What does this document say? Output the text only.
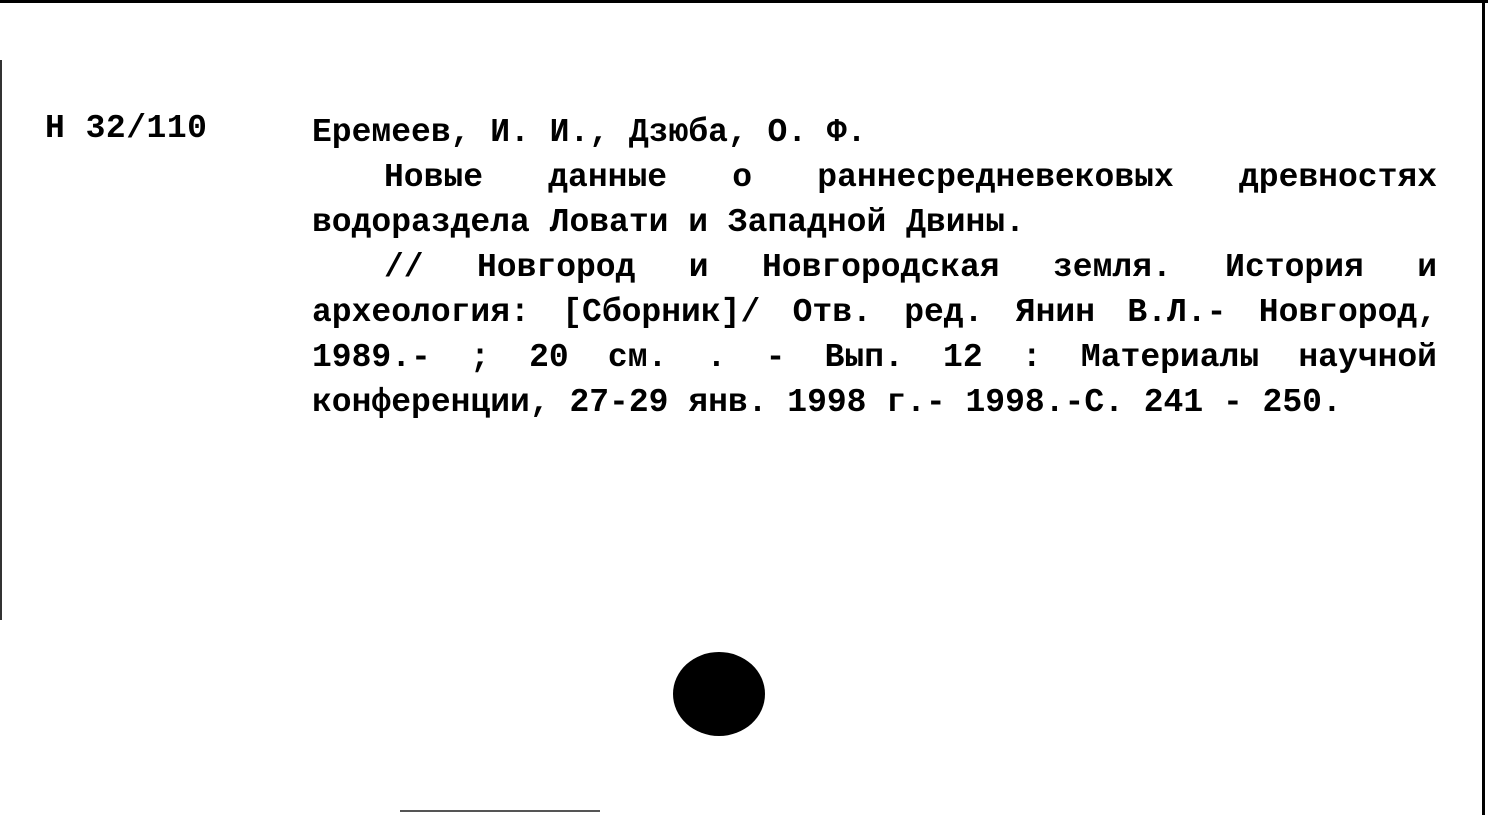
Н 32/110	Еремеев, И. И., Дзюба, О. Ф.
Новые данные о раннесредневековых древностях водораздела Ловати и Западной Двины.
// Новгород и Новгородская земля. История и археология: [Сборник]/ Отв. ред. Янин В.Л.- Новгород, 1989.- ; 20 см. . - Вып. 12 : Материалы научной конференции, 27-29 янв. 1998 г.- 1998.-С. 241 - 250.
